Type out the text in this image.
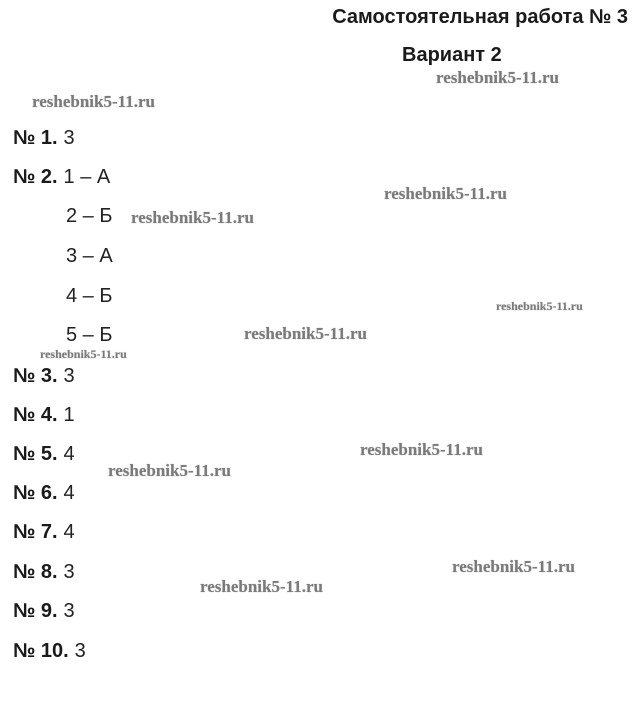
Самостоятельная работа № 3
Вариант 2
№ 1. 3
№ 2. 1 – А
2 – Б
3 – А
4 – Б
5 – Б
№ 3. 3
№ 4. 1
№ 5. 4
№ 6. 4
№ 7. 4
№ 8. 3
№ 9. 3
№ 10. 3
reshebnik5-11.ru
reshebnik5-11.ru
reshebnik5-11.ru
reshebnik5-11.ru
reshebnik5-11.ru
reshebnik5-11.ru
reshebnik5-11.ru
reshebnik5-11.ru
reshebnik5-11.ru
reshebnik5-11.ru
reshebnik5-11.ru
